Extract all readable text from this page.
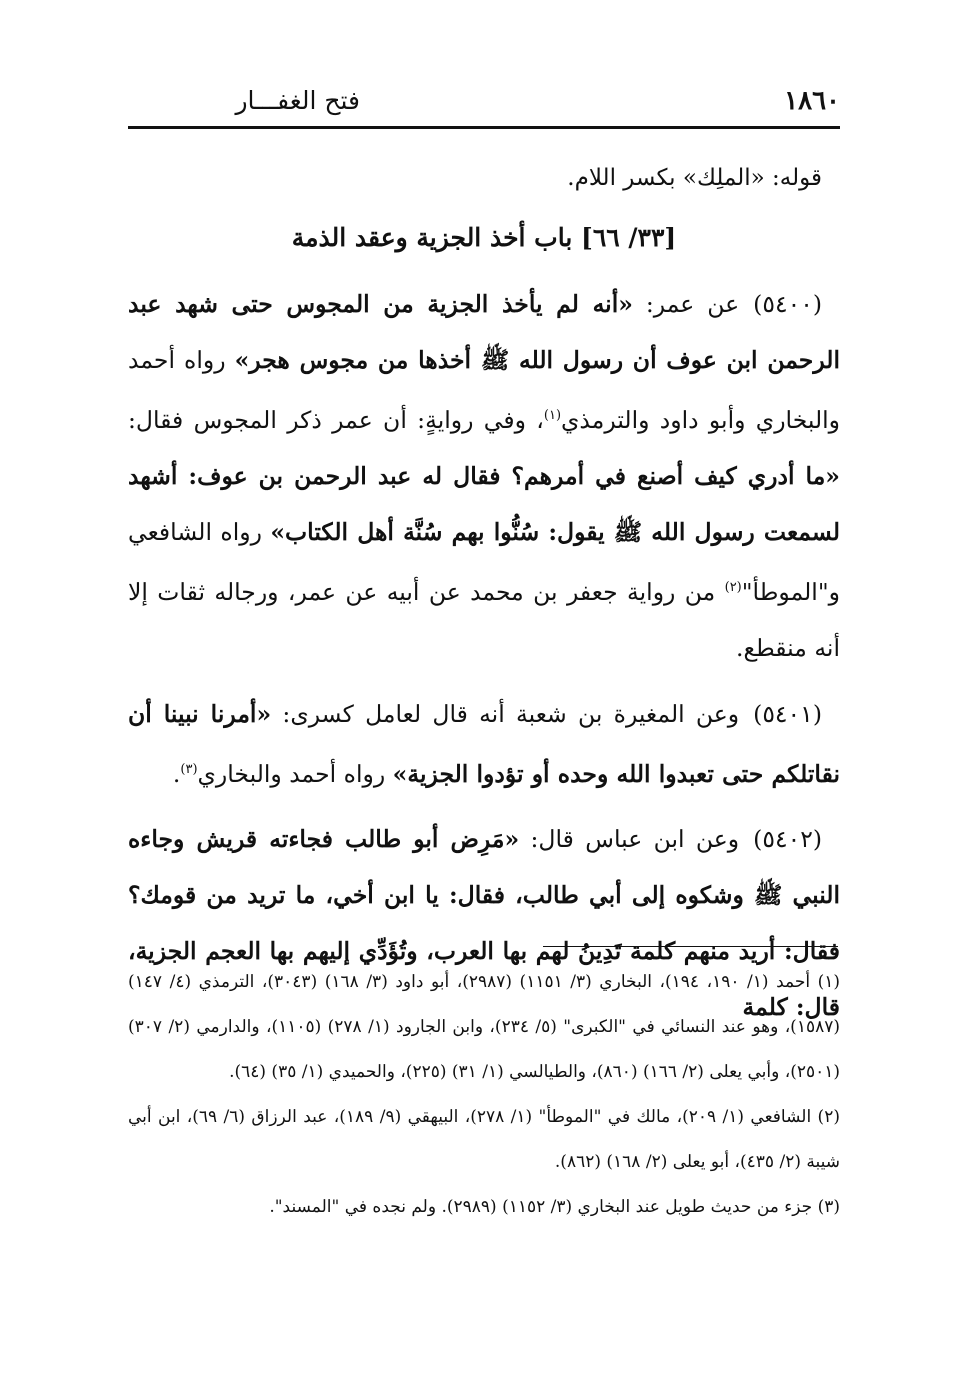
١٨٦٠
فتح الغفـــار
قوله: «الملِك» بكسر اللام.
[٣٣/ ٦٦] باب أخذ الجزية وعقد الذمة

(٥٤٠٠)عن عمر: «أنه لم يأخذ الجزية من المجوس حتى شهد عبد الرحمن ابن عوف أن رسول الله ﷺ أخذها من مجوس هجر» رواه أحمد والبخاري وأبو داود والترمذي$^{(١)}$، وفي روايةٍ: أن عمر ذكر المجوس فقال: «ما أدري كيف أصنع في أمرهم؟ فقال له عبد الرحمن بن عوف: أشهد لسمعت رسول الله ﷺ يقول: سُنُّوا بهم سُنَّة أهل الكتاب» رواه الشافعي و"الموطأ"$^{(٢)}$ من رواية جعفر بن محمد عن أبيه عن عمر، ورجاله ثقات إلا أنه منقطع.

(٥٤٠١)وعن المغيرة بن شعبة أنه قال لعامل كسرى: «أمرنا نبينا أن نقاتلكم حتى تعبدوا الله وحده أو تؤدوا الجزية» رواه أحمد والبخاري$^{(٣)}$.

(٥٤٠٢)وعن ابن عباس قال: «مَرِض أبو طالب فجاءته قريش وجاءه النبي ﷺ وشكوه إلى أبي طالب، فقال: يا ابن أخي، ما تريد من قومك؟ فقال: أريد منهم كلمة تَدِينُ لهم بها العرب، وتُؤَدِّي إليهم بها العجم الجزية، قال: كلمة

(١) أحمد (١/ ١٩٠، ١٩٤)، البخاري (٣/ ١١٥١) (٢٩٨٧)، أبو داود (٣/ ١٦٨) (٣٠٤٣)، الترمذي (٤/ ١٤٧) (١٥٨٧)، وهو عند النسائي في "الكبرى" (٥/ ٢٣٤)، وابن الجارود (١/ ٢٧٨) (١١٠٥)، والدارمي (٢/ ٣٠٧) (٢٥٠١)، وأبي يعلى (٢/ ١٦٦) (٨٦٠)، والطيالسي (١/ ٣١) (٢٢٥)، والحميدي (١/ ٣٥) (٦٤).
(٢) الشافعي (١/ ٢٠٩)، مالك في "الموطأ" (١/ ٢٧٨)، البيهقي (٩/ ١٨٩)، عبد الرزاق (٦/ ٦٩)، ابن أبي شيبة (٢/ ٤٣٥)، أبو يعلى (٢/ ١٦٨) (٨٦٢).
(٣) جزء من حديث طويل عند البخاري (٣/ ١١٥٢) (٢٩٨٩). ولم نجده في "المسند".
